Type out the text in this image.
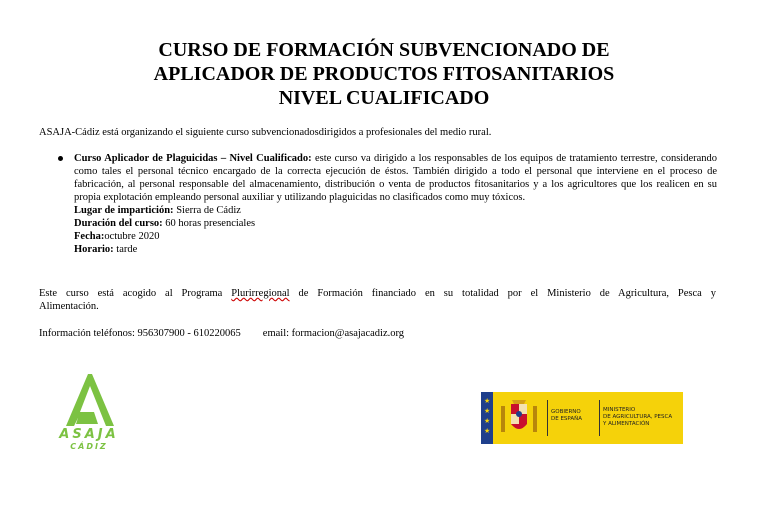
CURSO DE FORMACIÓN SUBVENCIONADO DE
APLICADOR DE PRODUCTOS FITOSANITARIOS
NIVEL CUALIFICADO
ASAJA-Cádiz está organizando el siguiente curso subvencionadosdirigidos a profesionales del medio rural.
Curso Aplicador de Plaguicidas – Nivel Cualificado: este curso va dirigido a los responsables de los equipos de tratamiento terrestre, considerando como tales el personal técnico encargado de la correcta ejecución de éstos. También dirigido a todo el personal que interviene en el proceso de fabricación, al personal responsable del almacenamiento, distribución o venta de productos fitosanitarios y a los agricultores que los realicen en su propia explotación empleando personal auxiliar y utilizando plaguicidas no clasificados como muy tóxicos.
Lugar de impartición: Sierra de Cádiz
Duración del curso: 60 horas presenciales
Fecha:octubre 2020
Horario: tarde
Este curso está acogido al Programa Plurirregional de Formación financiado en su totalidad por el Ministerio de Agricultura, Pesca y
Alimentación.
Información teléfonos: 956307900 - 610220065 email: formacion@asajacadiz.org
ASAJA
CÁDIZ
★
★
★
★
GOBIERNO
DE ESPAÑA
MINISTERIO
DE AGRICULTURA, PESCA
Y ALIMENTACIÓN
